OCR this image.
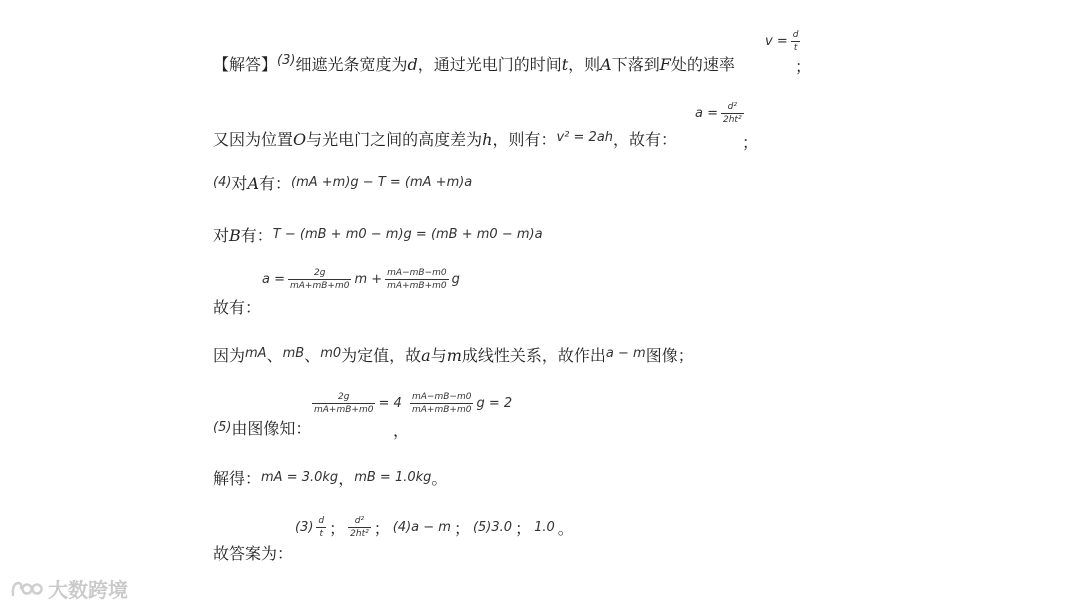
【解答】$^{(3)}$细遮光条宽度为d，通过光电门的时间t，则A下落到F处的速率
$v = \frac{d}{t}$
；
又因为位置O与光电门之间的高度差为h，则有：$^{v^2 = 2ah}$，故有：
$a = \frac{\text{d²}}{\text{2ht²}}$
；
(4)对A有：(mA +m)g − T = (mA +m)a
对B有：T − (mB + m0 − m)g = (mB + m0 − m)a
故有：
$a = \frac{2g}{mA+mB+m0}$ $m + \frac{mA-mB-m0}{mA+mB+m0}$ g
因为$^{mA}$、$^{mB}$、$^{m0}$为定值，故a与m成线性关系，故作出$^{a - m}$图像；
(5)由图像知：
$\frac{2g}{mA+mB+m0} = 4$
，
$\frac{mA-mB-m0}{mA+mB+m0}$ g = 2
解得：mA = 3.0kg，mB = 1.0kg。
故答案为：
$(3) \frac{d}{t}$ ； $\frac{\text{d²}}{\text{2ht²}}$ ； (4)a − m ； (5)3.0 ； 1.0 。
大数跨境
